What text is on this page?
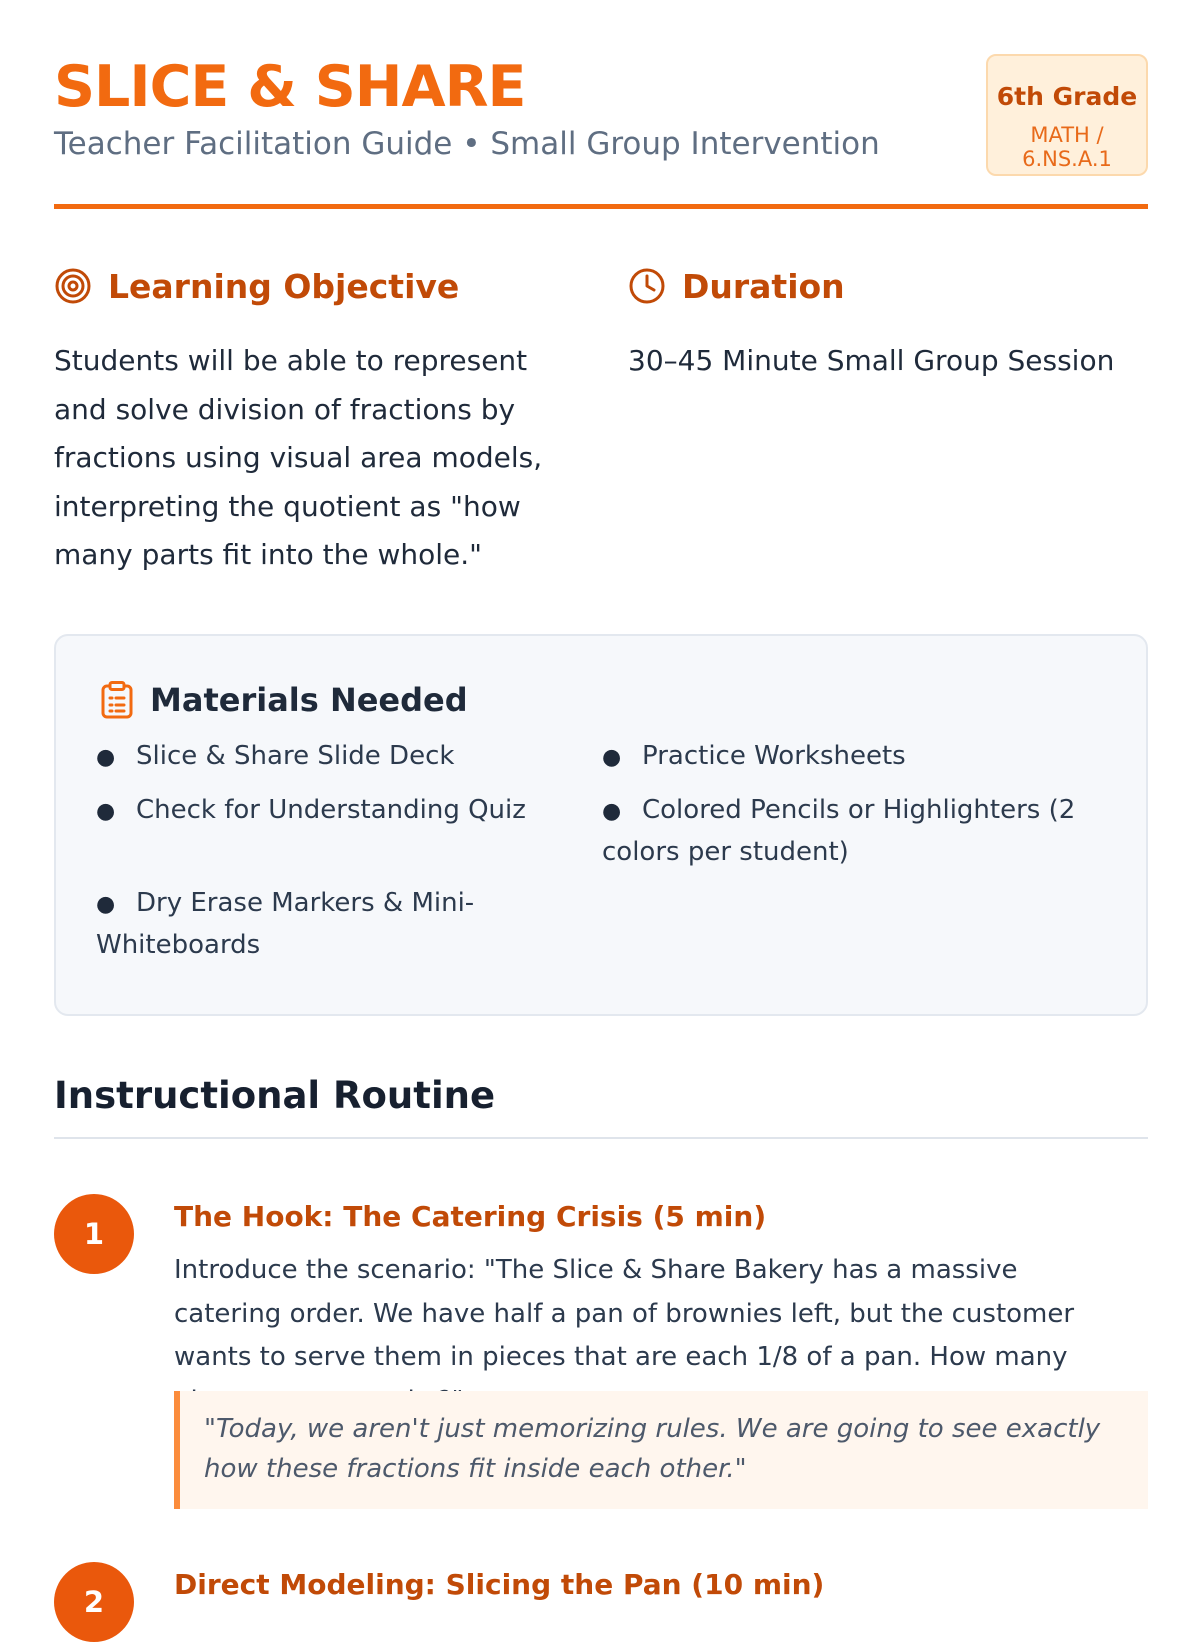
SLICE & SHARE
Teacher Facilitation Guide • Small Group Intervention
6th Grade
MATH / 6.NS.A.1
Learning Objective
Students will be able to represent and solve division of fractions by fractions using visual area models, interpreting the quotient as "how many parts fit into the whole."
Duration
30–45 Minute Small Group Session
Materials Needed
● Slice & Share Slide Deck	● Practice Worksheets
● Check for Understanding Quiz	● Colored Pencils or Highlighters (2 colors per student)
● Dry Erase Markers & Mini-Whiteboards
Instructional Routine
1
The Hook: The Catering Crisis (5 min)
Introduce the scenario: "The Slice & Share Bakery has a massive catering order. We have half a pan of brownies left, but the customer wants to serve them in pieces that are each 1/8 of a pan. How many
"Today, we aren't just memorizing rules. We are going to see exactly how these fractions fit inside each other."
2
Direct Modeling: Slicing the Pan (10 min)
